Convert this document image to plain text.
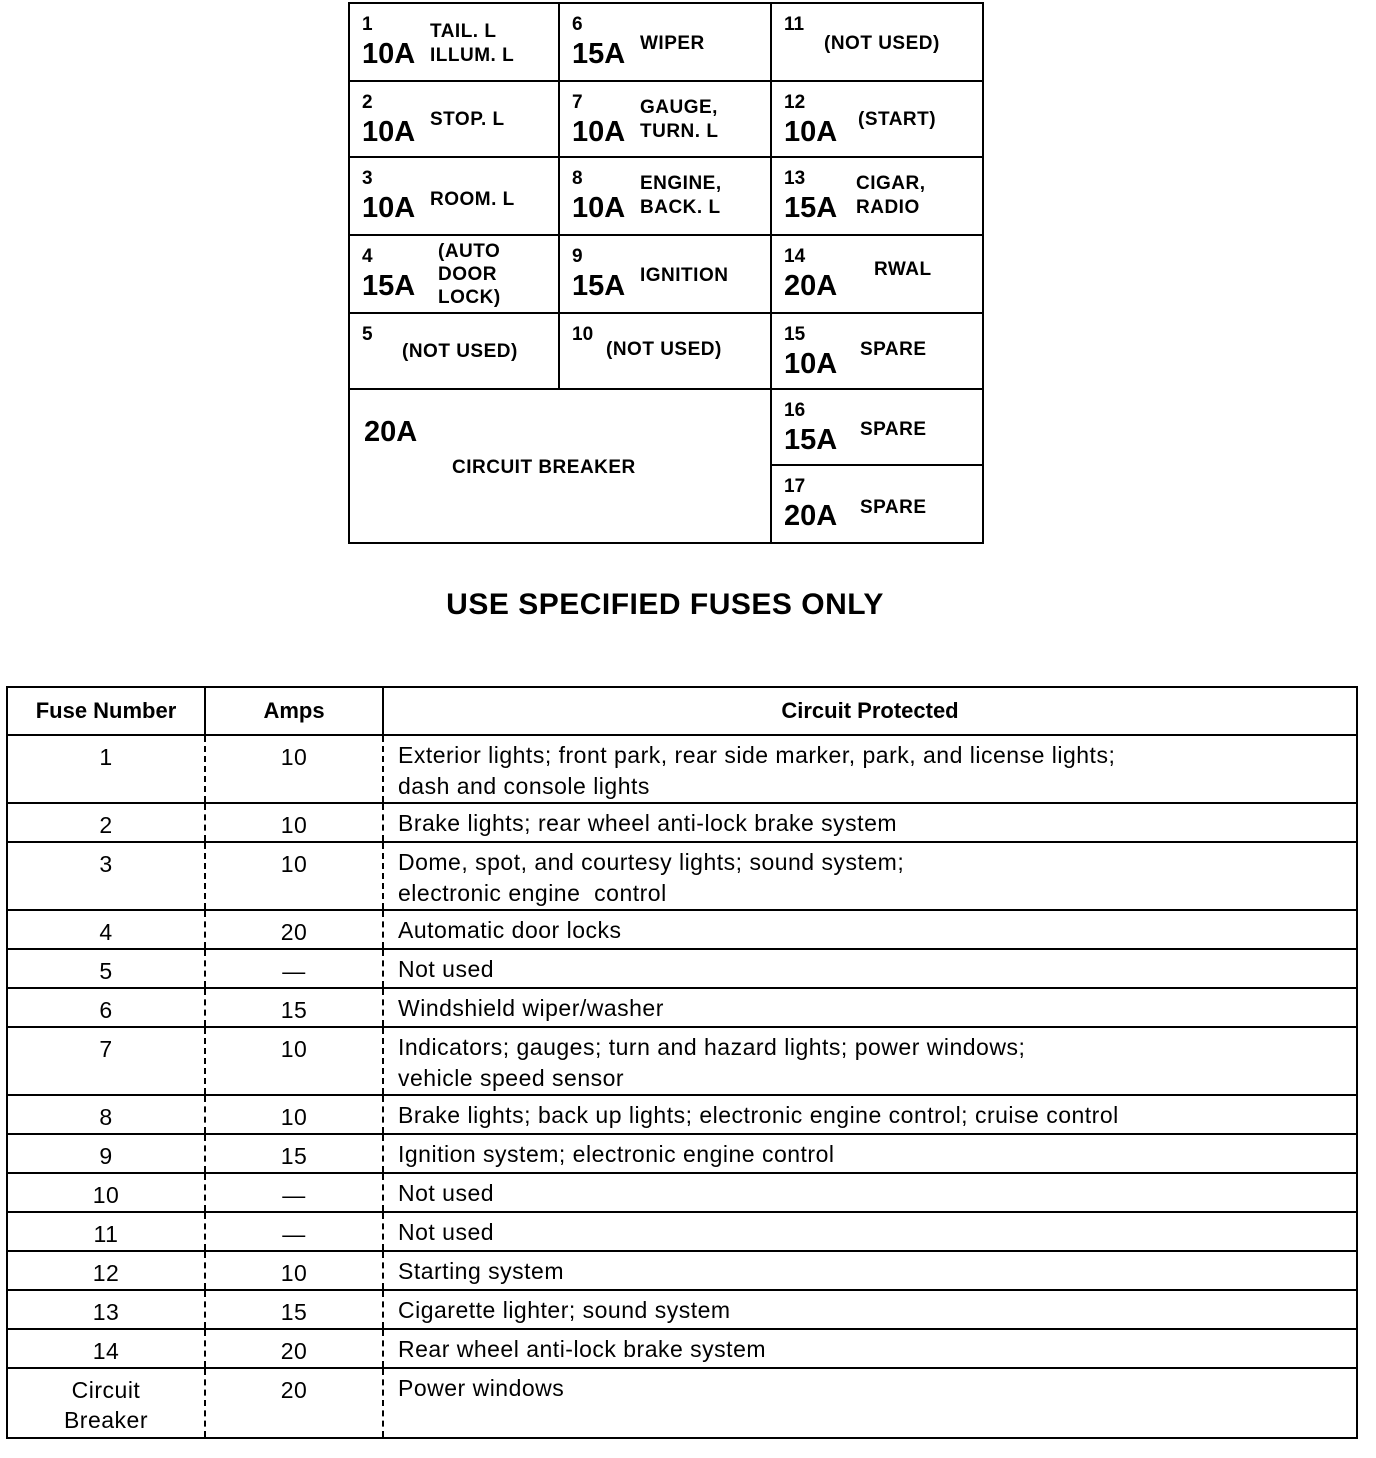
1
10A
TAIL. L
ILLUM. L
2
10A STOP. L
3
10A ROOM. L
4
15A
(AUTO
DOOR
LOCK)
5
(NOT USED)
6
15A WIPER
7
10A
GAUGE,
TURN. L
8
10A
ENGINE,
BACK. L
9
15A IGNITION
10
(NOT USED)
20A
CIRCUIT BREAKER
11
(NOT USED)
12
10A (START)
13
15A
CIGAR,
RADIO
14
20A
RWAL
15
10A SPARE
16
15A SPARE
17
20A SPARE
USE SPECIFIED FUSES ONLY
Fuse Number	Amps	Circuit Protected
1	10	Exterior lights; front park, rear side marker, park, and license lights;
dash and console lights
2	10	Brake lights; rear wheel anti-lock brake system
3	10	Dome, spot, and courtesy lights; sound system;
electronic engine  control
4	20	Automatic door locks
5	—	Not used
6	15	Windshield wiper/washer
7	10	Indicators; gauges; turn and hazard lights; power windows;
vehicle speed sensor
8	10	Brake lights; back up lights; electronic engine control; cruise control
9	15	Ignition system; electronic engine control
10	—	Not used
11	—	Not used
12	10	Starting system
13	15	Cigarette lighter; sound system
14	20	Rear wheel anti-lock brake system
Circuit
Breaker
20	Power windows
